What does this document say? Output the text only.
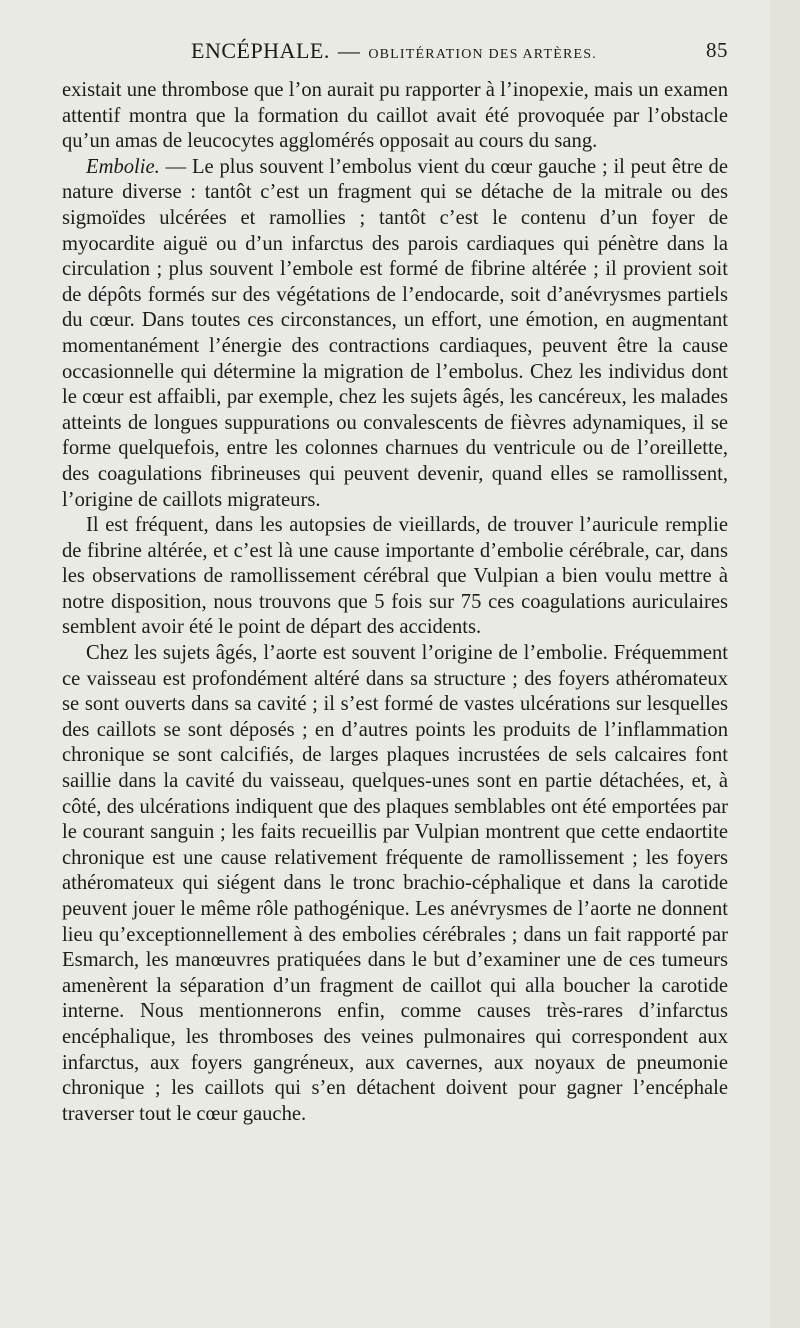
ENCÉPHALE. — OBLITÉRATION DES ARTÈRES.	85

existait une thrombose que l’on aurait pu rapporter à l’inopexie, mais un examen attentif montra que la formation du caillot avait été provoquée par l’obstacle qu’un amas de leucocytes agglomérés opposait au cours du sang.

Embolie. — Le plus souvent l’embolus vient du cœur gauche ; il peut être de nature diverse : tantôt c’est un fragment qui se détache de la mitrale ou des sigmoïdes ulcérées et ramollies ; tantôt c’est le contenu d’un foyer de myocardite aiguë ou d’un infarctus des parois cardiaques qui pénètre dans la circulation ; plus souvent l’embole est formé de fibrine altérée ; il provient soit de dépôts formés sur des végétations de l’endocarde, soit d’anévrysmes partiels du cœur. Dans toutes ces circonstances, un effort, une émotion, en augmentant momentanément l’énergie des contractions cardiaques, peuvent être la cause occasionnelle qui détermine la migration de l’embolus. Chez les individus dont le cœur est affaibli, par exemple, chez les sujets âgés, les cancéreux, les malades atteints de longues suppurations ou convalescents de fièvres adynamiques, il se forme quelquefois, entre les colonnes charnues du ventricule ou de l’oreillette, des coagulations fibrineuses qui peuvent devenir, quand elles se ramollissent, l’origine de caillots migrateurs.

Il est fréquent, dans les autopsies de vieillards, de trouver l’auricule remplie de fibrine altérée, et c’est là une cause importante d’embolie cérébrale, car, dans les observations de ramollissement cérébral que Vulpian a bien voulu mettre à notre disposition, nous trouvons que 5 fois sur 75 ces coagulations auriculaires semblent avoir été le point de départ des accidents.

Chez les sujets âgés, l’aorte est souvent l’origine de l’embolie. Fréquemment ce vaisseau est profondément altéré dans sa structure ; des foyers athéromateux se sont ouverts dans sa cavité ; il s’est formé de vastes ulcérations sur lesquelles des caillots se sont déposés ; en d’autres points les produits de l’inflammation chronique se sont calcifiés, de larges plaques incrustées de sels calcaires font saillie dans la cavité du vaisseau, quelques-unes sont en partie détachées, et, à côté, des ulcérations indiquent que des plaques semblables ont été emportées par le courant sanguin ; les faits recueillis par Vulpian montrent que cette endaortite chronique est une cause relativement fréquente de ramollissement ; les foyers athéromateux qui siégent dans le tronc brachio-céphalique et dans la carotide peuvent jouer le même rôle pathogénique. Les anévrysmes de l’aorte ne donnent lieu qu’exceptionnellement à des embolies cérébrales ; dans un fait rapporté par Esmarch, les manœuvres pratiquées dans le but d’examiner une de ces tumeurs amenèrent la séparation d’un fragment de caillot qui alla boucher la carotide interne. Nous mentionnerons enfin, comme causes très-rares d’infarctus encéphalique, les thromboses des veines pulmonaires qui correspondent aux infarctus, aux foyers gangréneux, aux cavernes, aux noyaux de pneumonie chronique ; les caillots qui s’en détachent doivent pour gagner l’encéphale traverser tout le cœur gauche.
